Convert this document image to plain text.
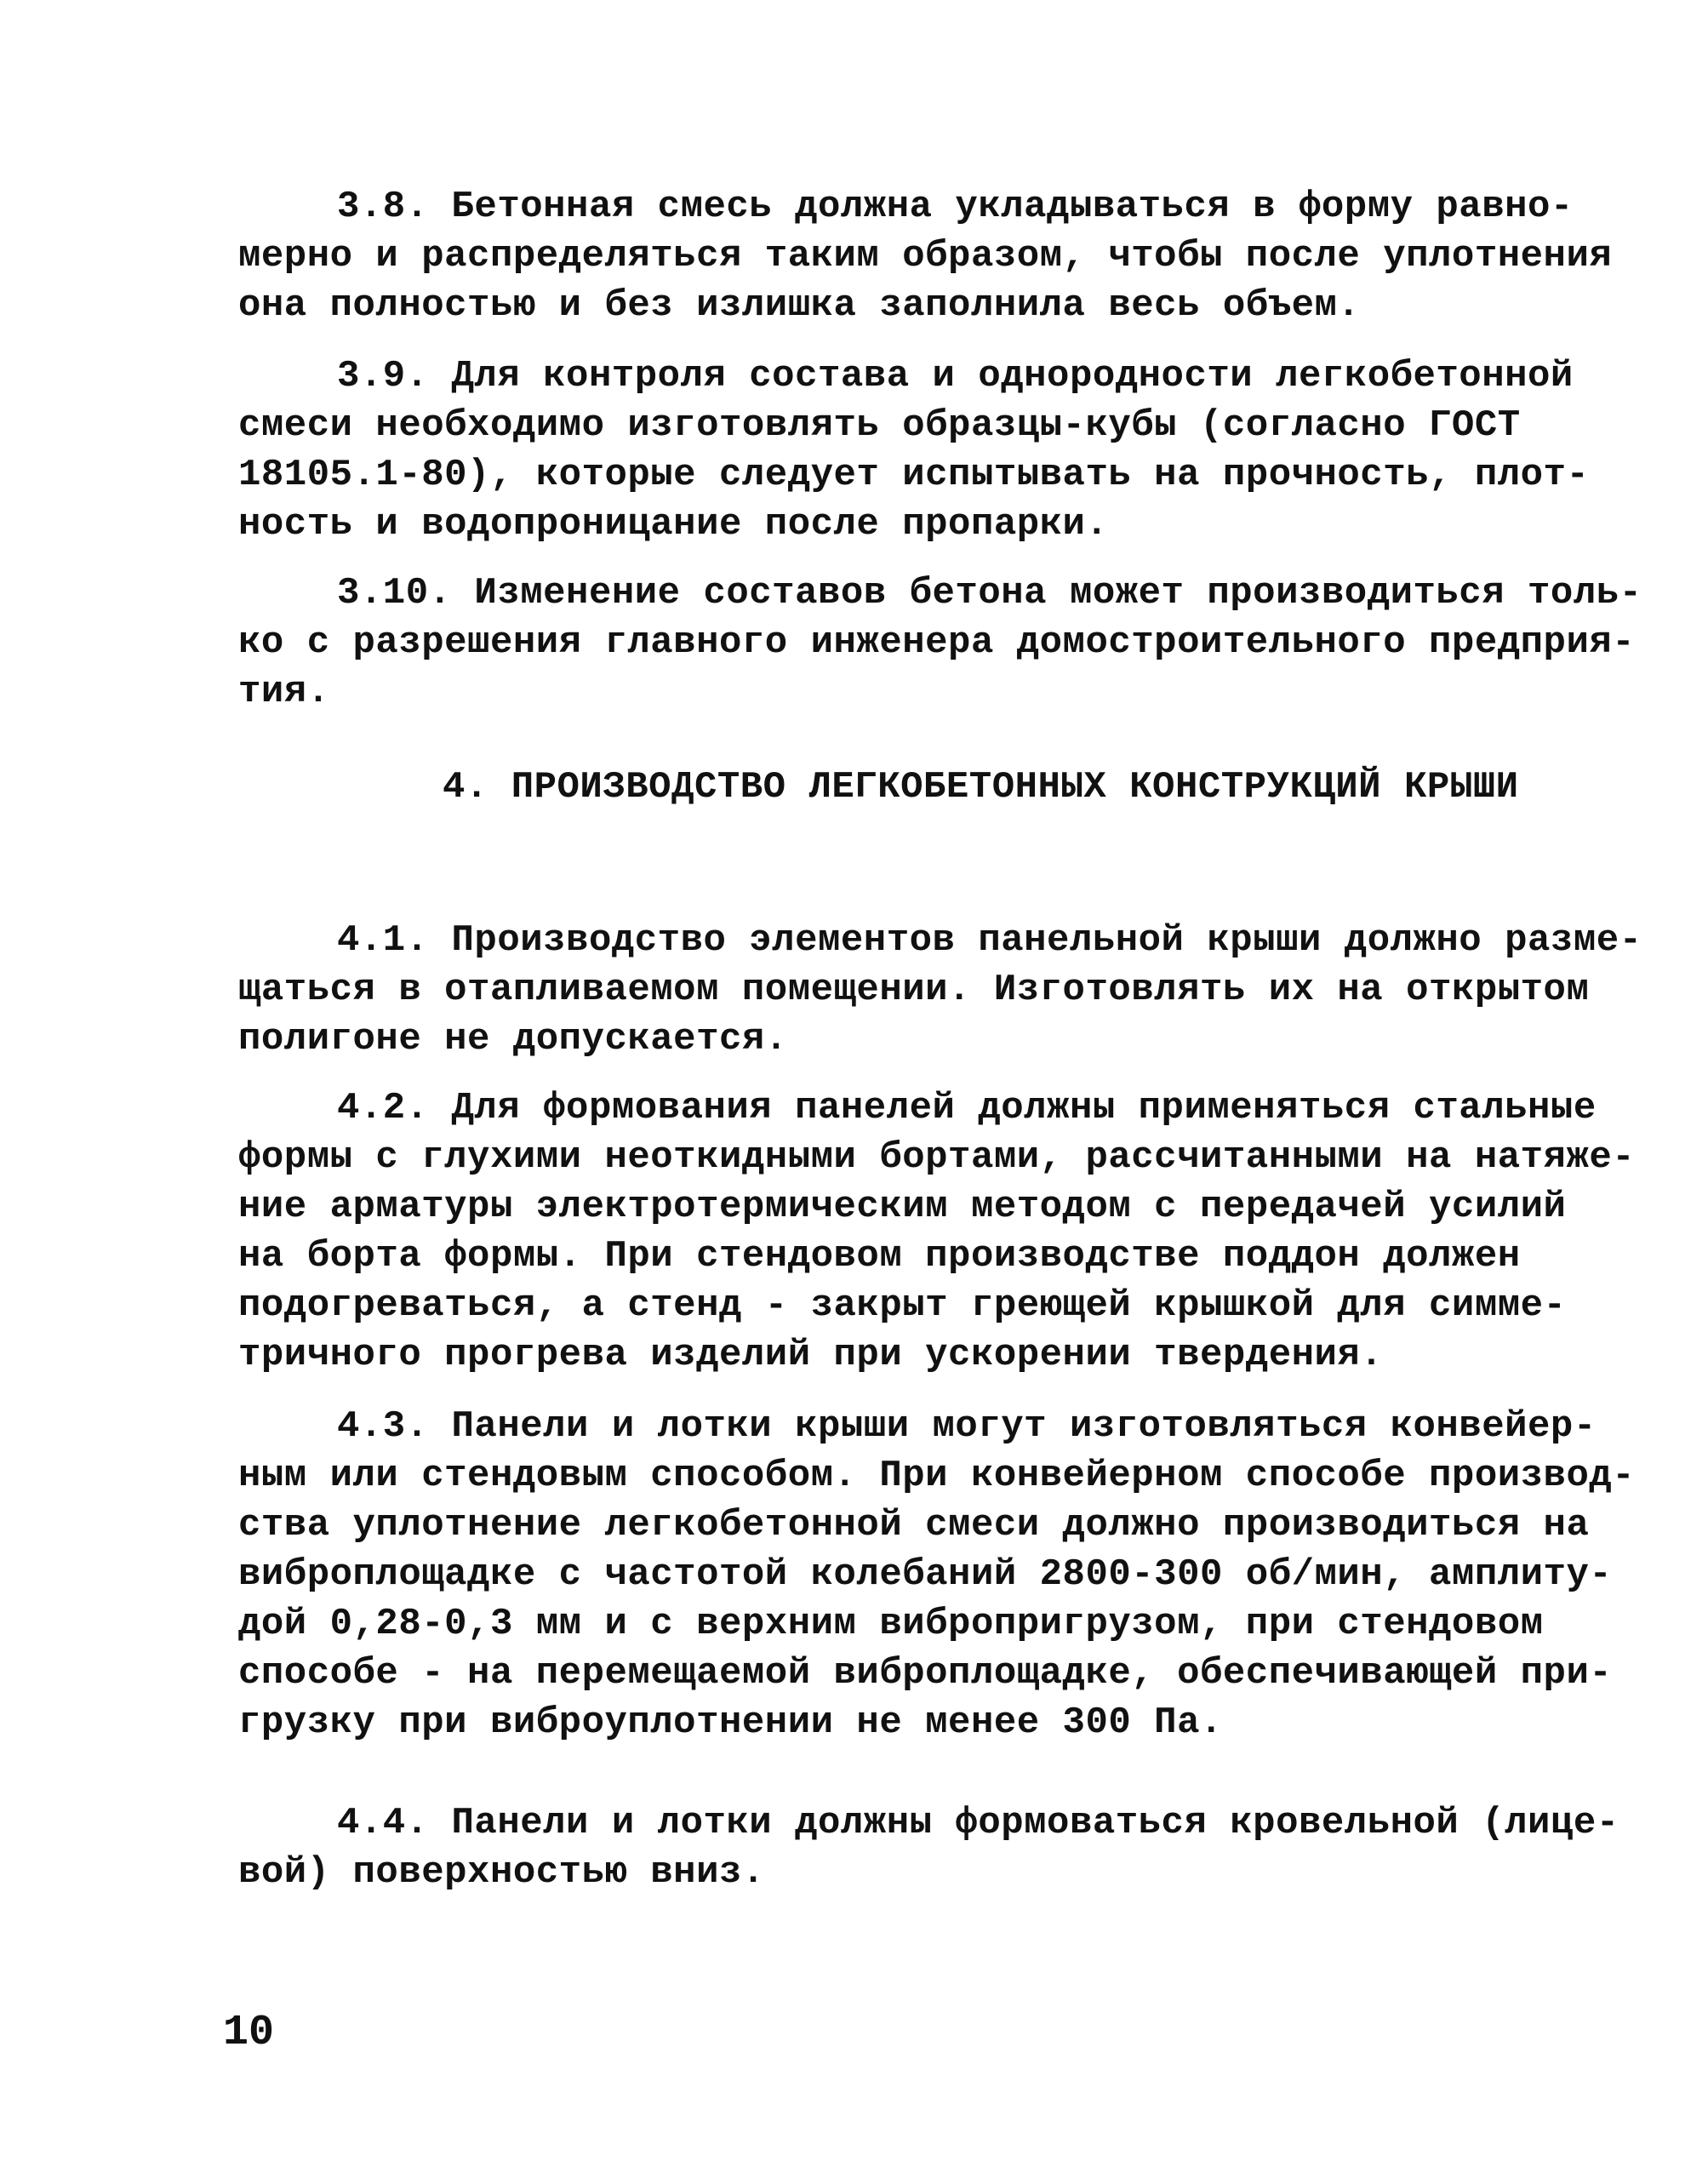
3.8. Бетонная смесь должна укладываться в форму равно-
мерно и распределяться таким образом, чтобы после уплотнения
она полностью и без излишка заполнила весь объем.
3.9. Для контроля состава и однородности легкобетонной
смеси необходимо изготовлять образцы-кубы (согласно ГОСТ
18105.1-80), которые следует испытывать на прочность, плот-
ность и водопроницание после пропарки.
3.10. Изменение составов бетона может производиться толь-
ко с разрешения главного инженера домостроительного предприя-
тия.
4. ПРОИЗВОДСТВО ЛЕГКОБЕТОННЫХ КОНСТРУКЦИЙ КРЫШИ
4.1. Производство элементов панельной крыши должно разме-
щаться в отапливаемом помещении. Изготовлять их на открытом
полигоне не допускается.
4.2. Для формования панелей должны применяться стальные
формы с глухими неоткидными бортами, рассчитанными на натяже-
ние арматуры электротермическим методом с передачей усилий
на борта формы. При стендовом производстве поддон должен
подогреваться, а стенд - закрыт греющей крышкой для симме-
тричного прогрева изделий при ускорении твердения.
4.3. Панели и лотки крыши могут изготовляться конвейер-
ным или стендовым способом. При конвейерном способе производ-
ства уплотнение легкобетонной смеси должно производиться на
виброплощадке с частотой колебаний 2800-300 об/мин, амплиту-
дой 0,28-0,3 мм и с верхним вибропригрузом, при стендовом
способе - на перемещаемой виброплощадке, обеспечивающей при-
грузку при виброуплотнении не менее 300 Па.
4.4. Панели и лотки должны формоваться кровельной (лице-
вой) поверхностью вниз.
10
